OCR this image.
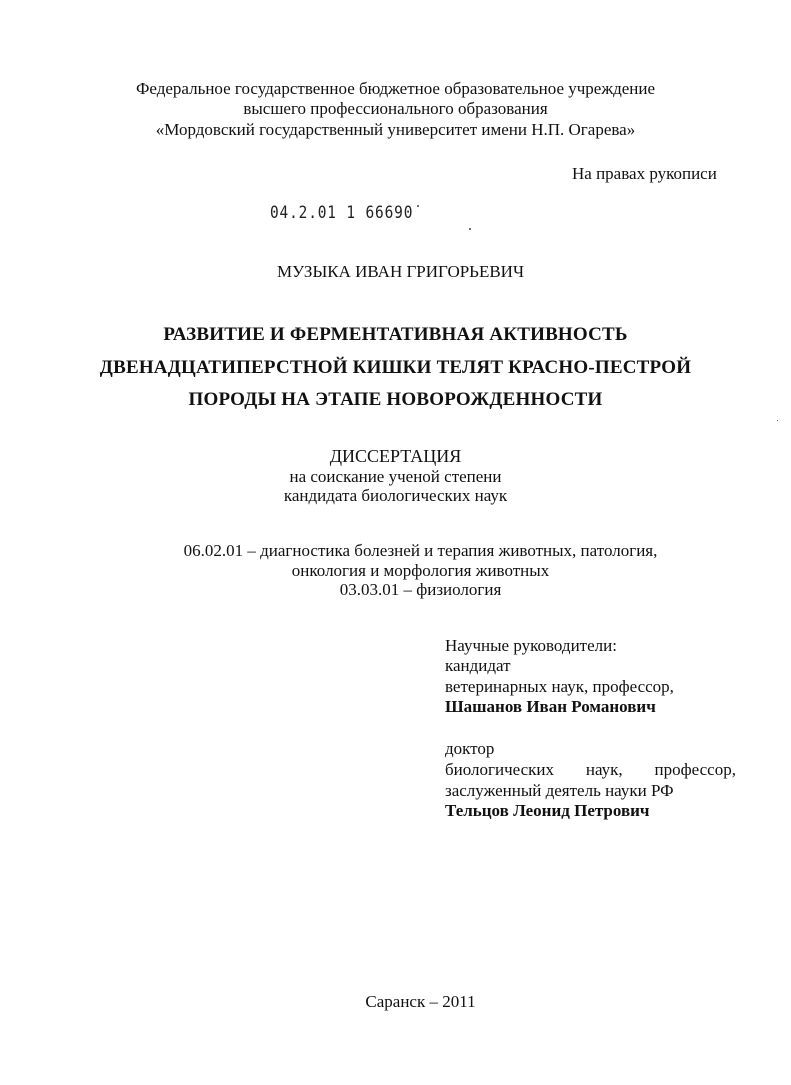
Федеральное государственное бюджетное образовательное учреждение
высшего профессионального образования
«Мордовский государственный университет имени Н.П. Огарева»
На правах рукописи
04.2.01 1 66690
МУЗЫКА ИВАН ГРИГОРЬЕВИЧ
РАЗВИТИЕ И ФЕРМЕНТАТИВНАЯ АКТИВНОСТЬ
ДВЕНАДЦАТИПЕРСТНОЙ КИШКИ ТЕЛЯТ КРАСНО-ПЕСТРОЙ
ПОРОДЫ НА ЭТАПЕ НОВОРОЖДЕННОСТИ
ДИССЕРТАЦИЯ
на соискание ученой степени
кандидата биологических наук
06.02.01 – диагностика болезней и терапия животных, патология,
онкология и морфология животных
03.03.01 – физиология
Научные руководители:
кандидат
ветеринарных наук, профессор,
Шашанов Иван Романович
доктор
биологических наук, профессор,
заслуженный деятель науки РФ
Тельцов Леонид Петрович
Саранск – 2011
